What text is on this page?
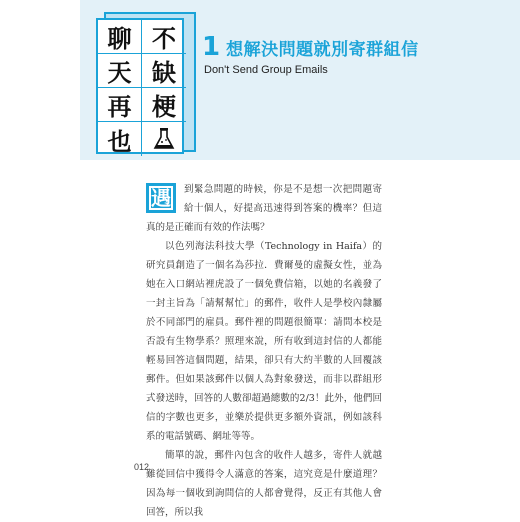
聊 不
天 缺
再 梗
也
1 想解決問題就別寄群組信
Don't Send Group Emails

遇	到緊急問題的時候，你是不是想一次把問題寄給十個人，好提高迅速得到答案的機率？但這真的是正確而有效的作法嗎？

以色列海法科技大學（Technology in Haifa）的研究員創造了一個名為莎拉．費爾曼的虛擬女性，並為她在入口網站裡虎設了一個免費信箱，以她的名義發了一封主旨為「請幫幫忙」的郵件，收件人是學校內隸屬於不同部門的雇員。郵件裡的問題很簡單：請問本校是否設有生物學系？照理來說，所有收到這封信的人都能輕易回答這個問題，結果，卻只有大約半數的人回覆該郵件。但如果該郵件以個人為對象發送，而非以群組形式發送時，回答的人數卻超過總數的2/3！此外，他們回信的字數也更多，並樂於提供更多額外資訊，例如該科系的電話號碼、網址等等。

簡單的說，郵件內包含的收件人越多，寄件人就越難從回信中獲得令人滿意的答案，這究竟是什麼道理？因為每一個收到詢問信的人都會覺得，反正有其他人會回答，所以我

012
